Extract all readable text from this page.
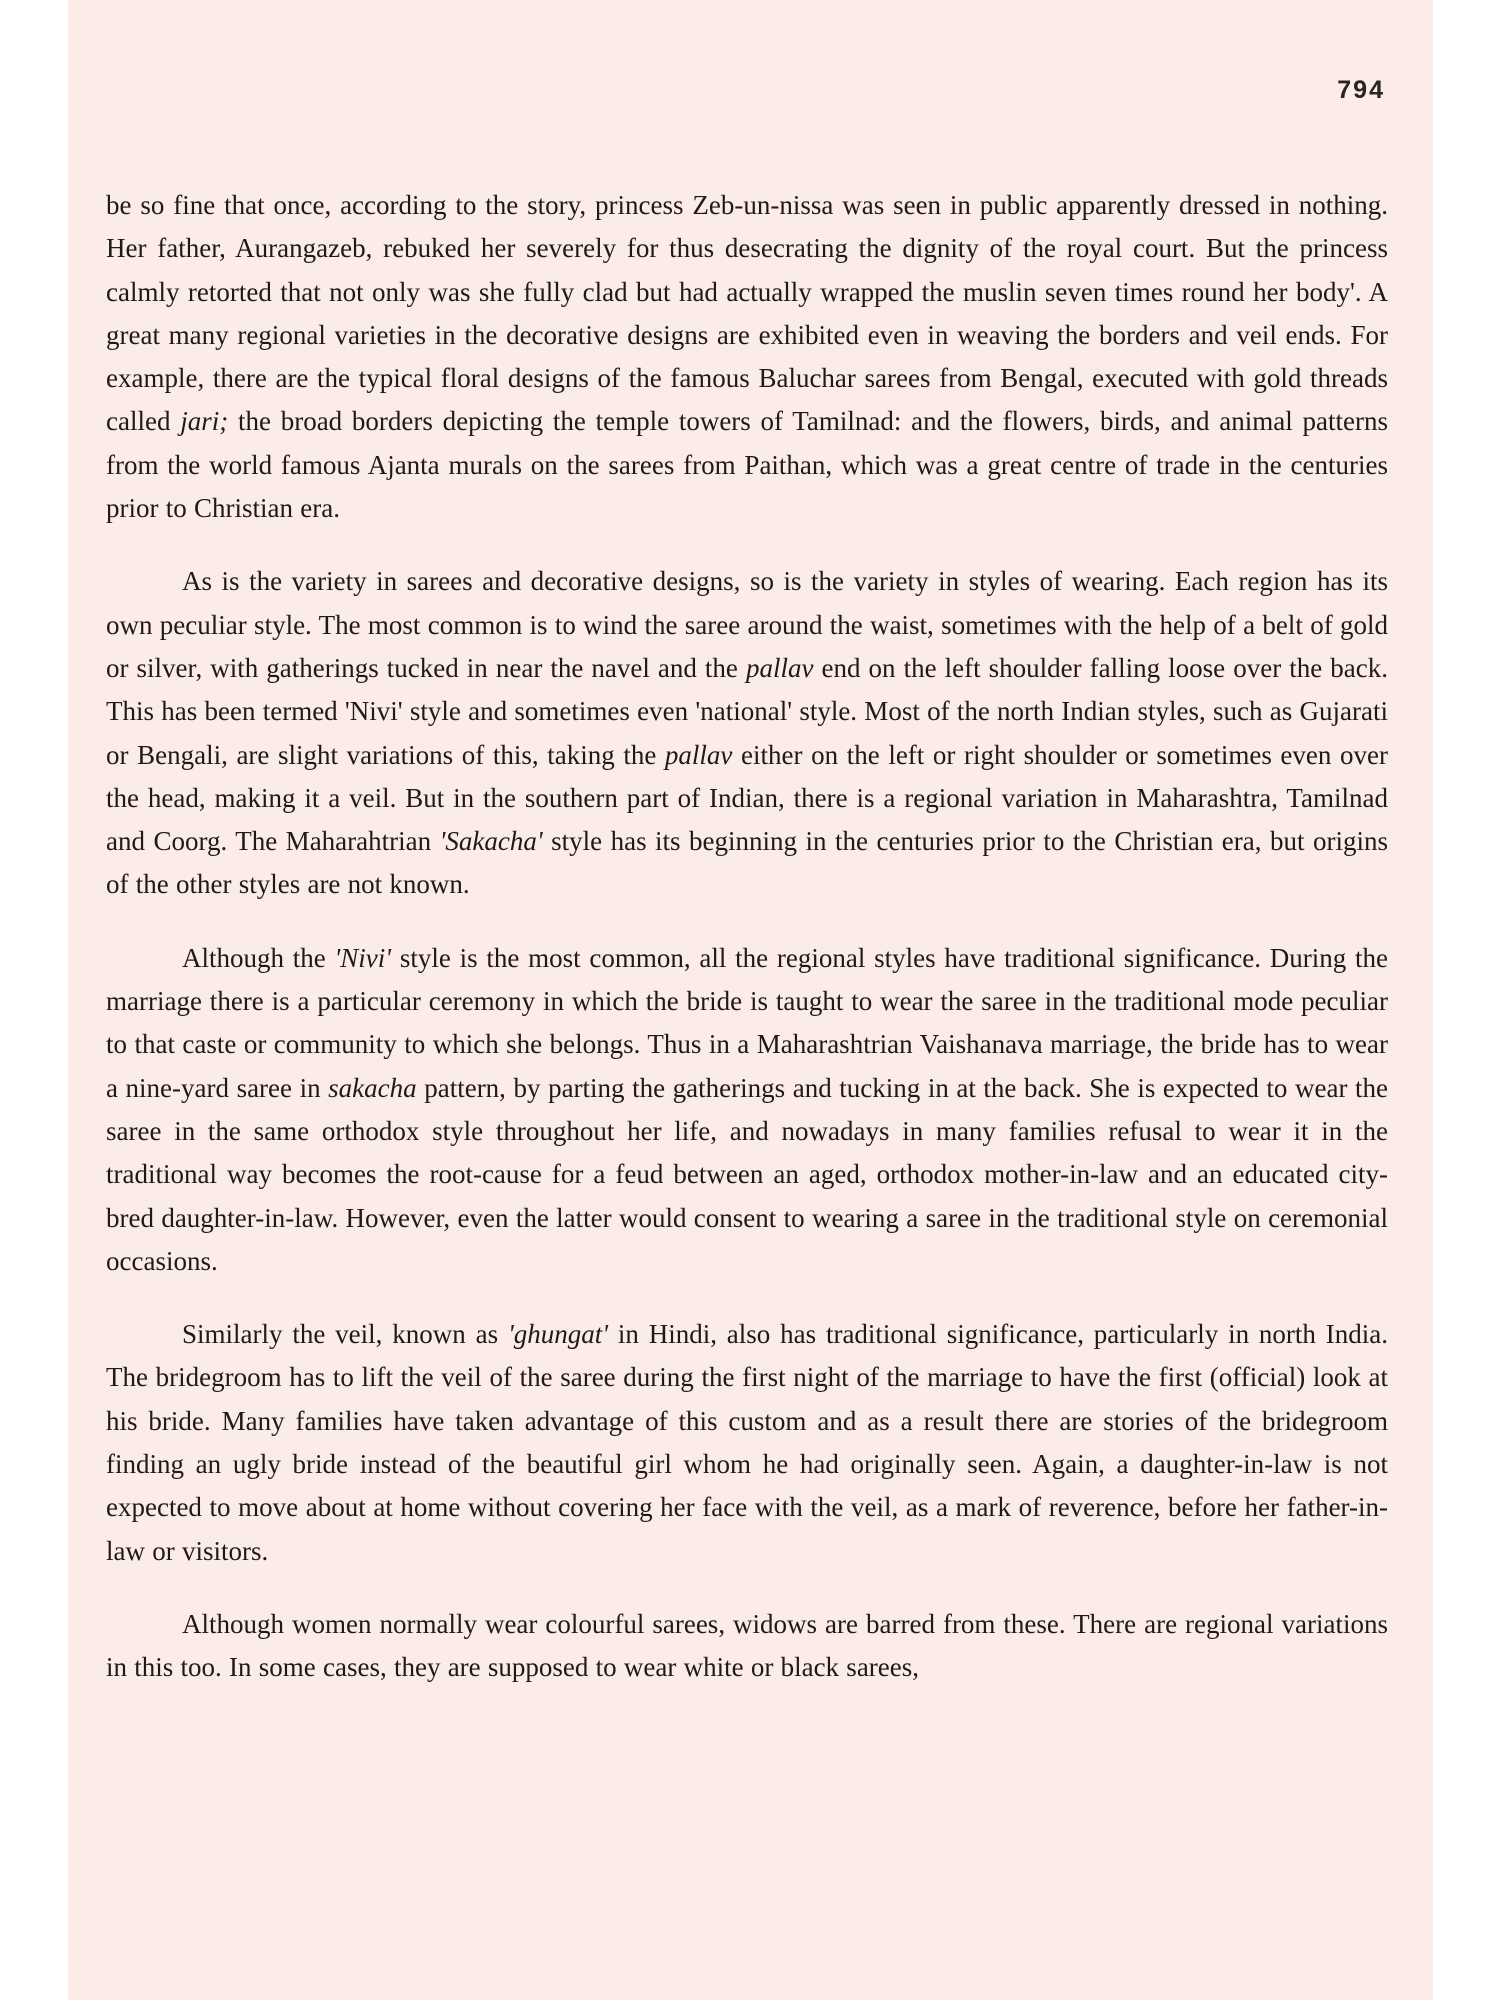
794

be so fine that once, according to the story, princess Zeb-un-nissa was seen in public apparently dressed in nothing. Her father, Aurangazeb, rebuked her severely for thus desecrating the dignity of the royal court. But the princess calmly retorted that not only was she fully clad but had actually wrapped the muslin seven times round her body'. A great many regional varieties in the decorative designs are exhibited even in weaving the borders and veil ends. For example, there are the typical floral designs of the famous Baluchar sarees from Bengal, executed with gold threads called jari; the broad borders depicting the temple towers of Tamilnad: and the flowers, birds, and animal patterns from the world famous Ajanta murals on the sarees from Paithan, which was a great centre of trade in the centuries prior to Christian era.

As is the variety in sarees and decorative designs, so is the variety in styles of wearing. Each region has its own peculiar style. The most common is to wind the saree around the waist, sometimes with the help of a belt of gold or silver, with gatherings tucked in near the navel and the pallav end on the left shoulder falling loose over the back. This has been termed 'Nivi' style and sometimes even 'national' style. Most of the north Indian styles, such as Gujarati or Bengali, are slight variations of this, taking the pallav either on the left or right shoulder or sometimes even over the head, making it a veil. But in the southern part of Indian, there is a regional variation in Maharashtra, Tamilnad and Coorg. The Maharahtrian 'Sakacha' style has its beginning in the centuries prior to the Christian era, but origins of the other styles are not known.

Although the 'Nivi' style is the most common, all the regional styles have traditional significance. During the marriage there is a particular ceremony in which the bride is taught to wear the saree in the traditional mode peculiar to that caste or community to which she belongs. Thus in a Maharashtrian Vaishanava marriage, the bride has to wear a nine-yard saree in sakacha pattern, by parting the gatherings and tucking in at the back. She is expected to wear the saree in the same orthodox style throughout her life, and nowadays in many families refusal to wear it in the traditional way becomes the root-cause for a feud between an aged, orthodox mother-in-law and an educated city-bred daughter-in-law. However, even the latter would consent to wearing a saree in the traditional style on ceremonial occasions.

Similarly the veil, known as 'ghungat' in Hindi, also has traditional significance, particularly in north India. The bridegroom has to lift the veil of the saree during the first night of the marriage to have the first (official) look at his bride. Many families have taken advantage of this custom and as a result there are stories of the bridegroom finding an ugly bride instead of the beautiful girl whom he had originally seen. Again, a daughter-in-law is not expected to move about at home without covering her face with the veil, as a mark of reverence, before her father-in-law or visitors.

Although women normally wear colourful sarees, widows are barred from these. There are regional variations in this too. In some cases, they are supposed to wear white or black sarees,
